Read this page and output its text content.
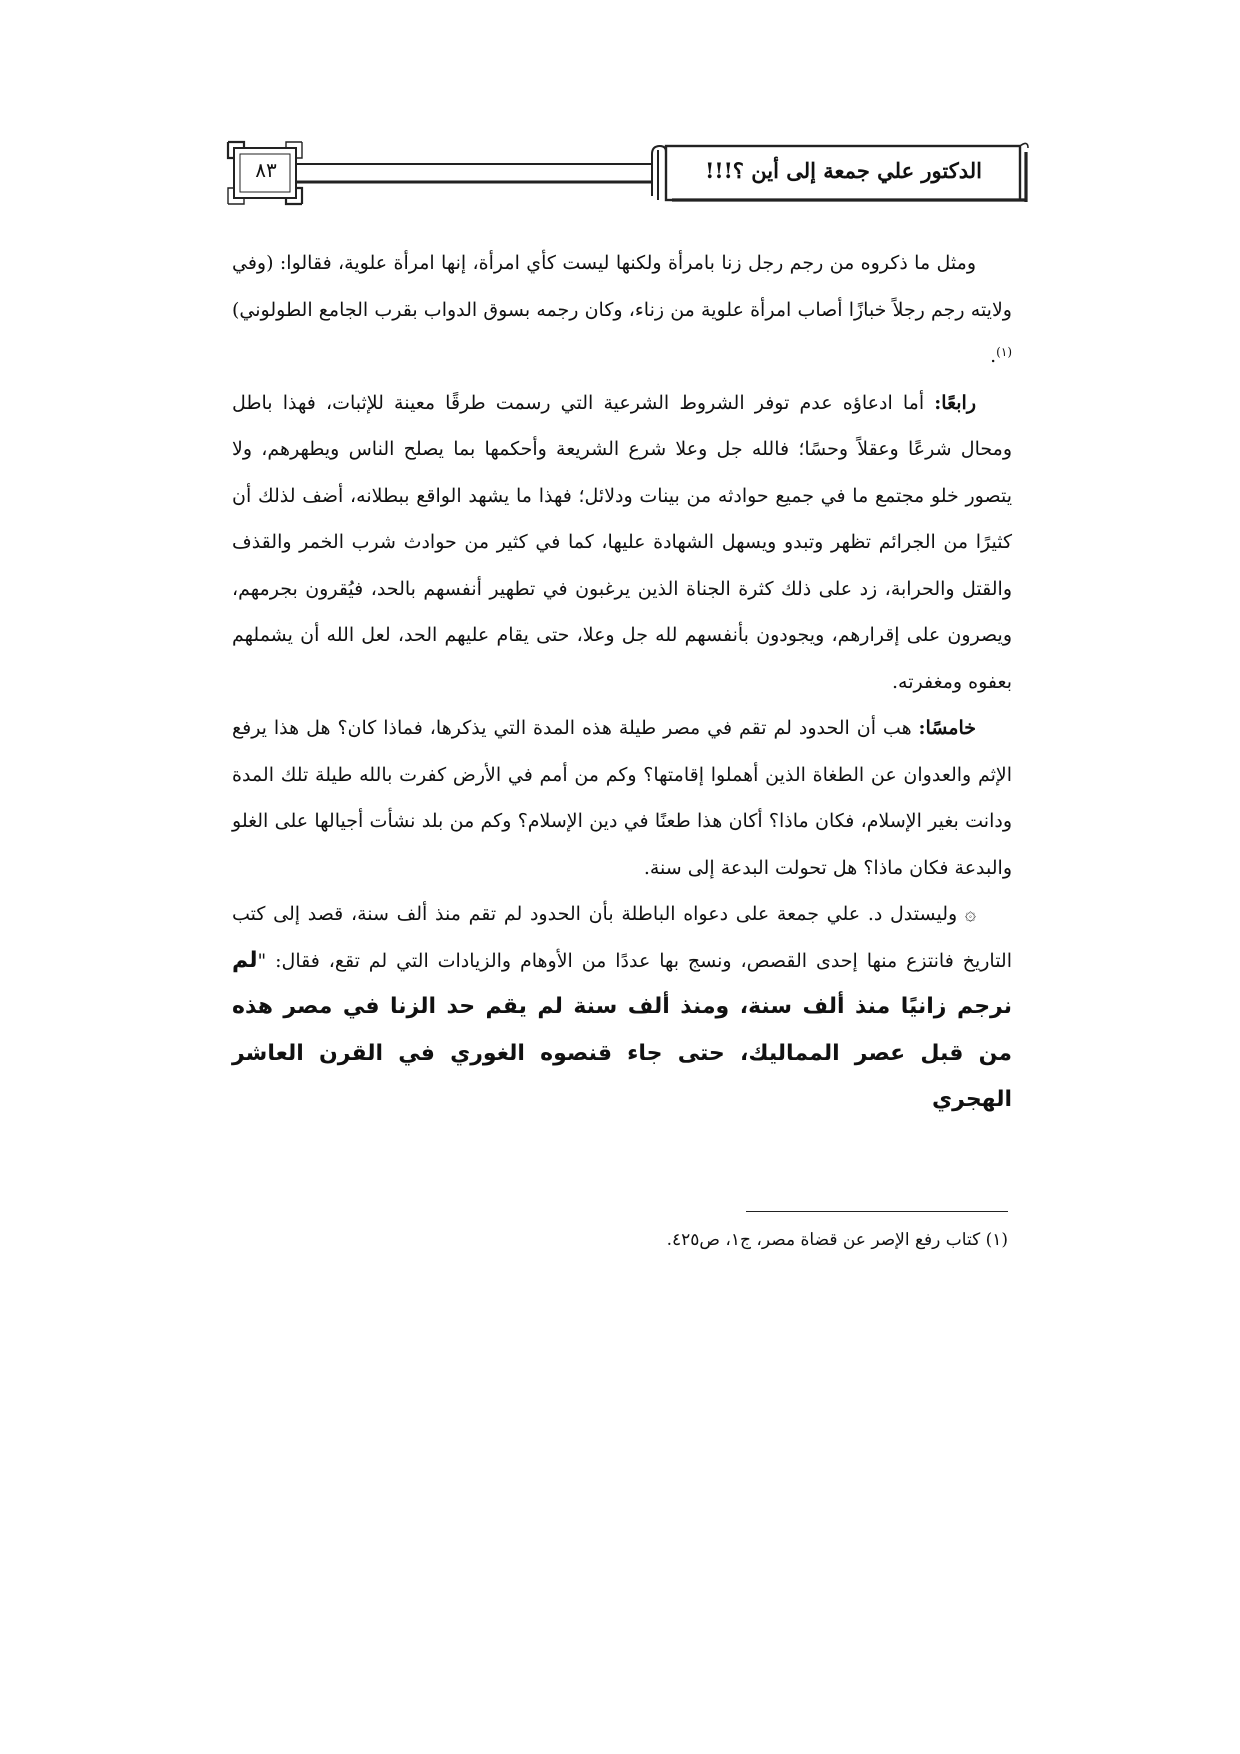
الدكتور علي جمعة إلى أين ؟!!!
٨٣

ومثل ما ذكروه من رجم رجل زنا بامرأة ولكنها ليست كأي امرأة، إنها امرأة علوية، فقالوا: (وفي ولايته رجم رجلاً خبازًا أصاب امرأة علوية من زناء، وكان رجمه بسوق الدواب بقرب الجامع الطولوني)$^{(١)}$.

رابعًا: أما ادعاؤه عدم توفر الشروط الشرعية التي رسمت طرقًا معينة للإثبات، فهذا باطل ومحال شرعًا وعقلاً وحسًا؛ فالله جل وعلا شرع الشريعة وأحكمها بما يصلح الناس ويطهرهم، ولا يتصور خلو مجتمع ما في جميع حوادثه من بينات ودلائل؛ فهذا ما يشهد الواقع ببطلانه، أضف لذلك أن كثيرًا من الجرائم تظهر وتبدو ويسهل الشهادة عليها، كما في كثير من حوادث شرب الخمر والقذف والقتل والحرابة، زد على ذلك كثرة الجناة الذين يرغبون في تطهير أنفسهم بالحد، فيُقرون بجرمهم، ويصرون على إقرارهم، ويجودون بأنفسهم لله جل وعلا، حتى يقام عليهم الحد، لعل الله أن يشملهم بعفوه ومغفرته.

خامسًا: هب أن الحدود لم تقم في مصر طيلة هذه المدة التي يذكرها، فماذا كان؟ هل هذا يرفع الإثم والعدوان عن الطغاة الذين أهملوا إقامتها؟ وكم من أمم في الأرض كفرت بالله طيلة تلك المدة ودانت بغير الإسلام، فكان ماذا؟ أكان هذا طعنًا في دين الإسلام؟ وكم من بلد نشأت أجيالها على الغلو والبدعة فكان ماذا؟ هل تحولت البدعة إلى سنة.

۞ وليستدل د. علي جمعة على دعواه الباطلة بأن الحدود لم تقم منذ ألف سنة، قصد إلى كتب التاريخ فانتزع منها إحدى القصص، ونسج بها عددًا من الأوهام والزيادات التي لم تقع، فقال: "لم نرجم زانيًا منذ ألف سنة، ومنذ ألف سنة لم يقم حد الزنا في مصر هذه من قبل عصر المماليك، حتى جاء قنصوه الغوري في القرن العاشر الهجري

(١) كتاب رفع الإصر عن قضاة مصر، ج١، ص٤٢٥.
